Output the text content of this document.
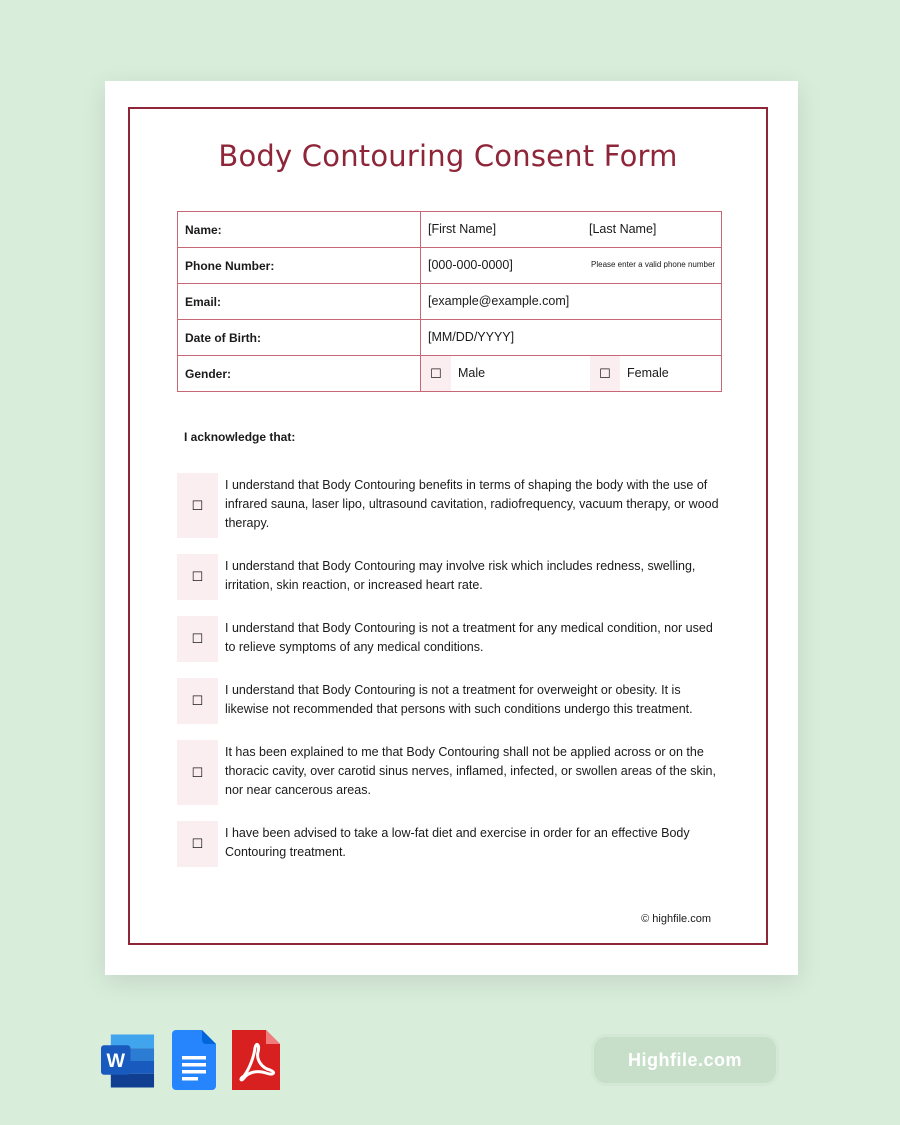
Body Contouring Consent Form
Name:	[First Name] [Last Name]

Phone Number:	[000-000-0000] Please enter a valid phone number

Email:	[example@example.com]

Date of Birth:	[MM/DD/YYYY]

Gender:	☐ Male ☐ Female
I acknowledge that:
☐
I understand that Body Contouring benefits in terms of shaping the body with the use of infrared sauna, laser lipo, ultrasound cavitation, radiofrequency, vacuum therapy, or wood therapy.
☐
I understand that Body Contouring may involve risk which includes redness, swelling, irritation, skin reaction, or increased heart rate.
☐
I understand that Body Contouring is not a treatment for any medical condition, nor used to relieve symptoms of any medical conditions.
☐
I understand that Body Contouring is not a treatment for overweight or obesity. It is likewise not recommended that persons with such conditions undergo this treatment.
☐
It has been explained to me that Body Contouring shall not be applied across or on the thoracic cavity, over carotid sinus nerves, inflamed, infected, or swollen areas of the skin, nor near cancerous areas.
☐
I have been advised to take a low-fat diet and exercise in order for an effective Body Contouring treatment.
© highfile.com
W	Highfile.com
